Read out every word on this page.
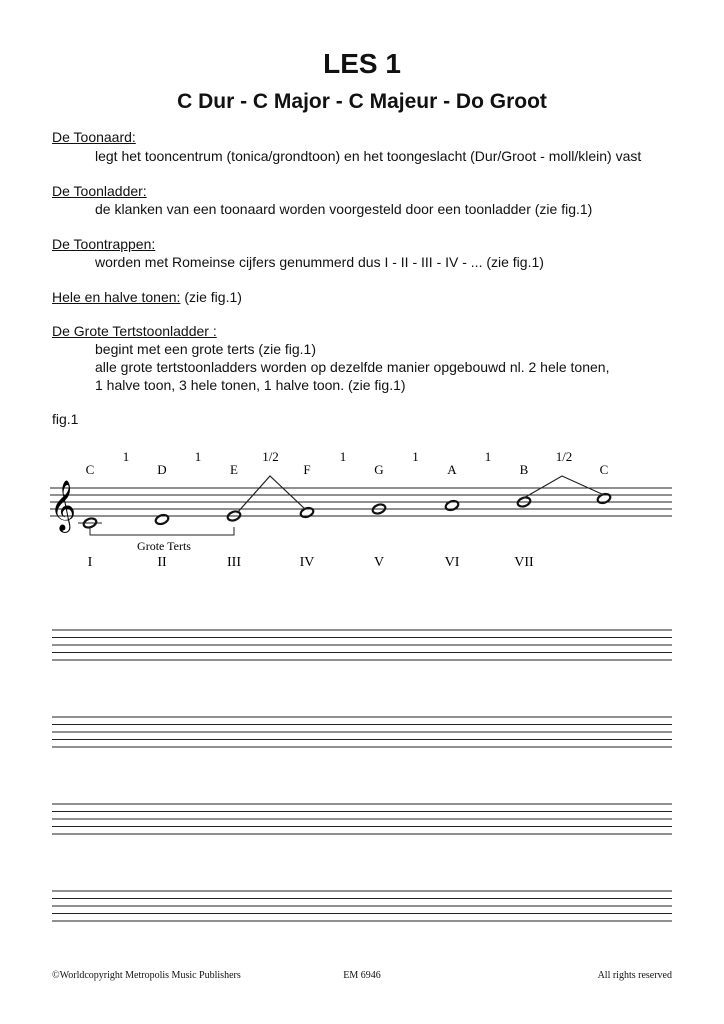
LES 1
C Dur - C Major - C Majeur - Do Groot
De Toonaard:
legt het tooncentrum (tonica/grondtoon) en het toongeslacht (Dur/Groot - moll/klein) vast
De Toonladder:
de klanken van een toonaard worden voorgesteld door een toonladder (zie fig.1)
De Toontrappen:
worden met Romeinse cijfers genummerd dus I - II - III - IV - ... (zie fig.1)
Hele en halve tonen: (zie fig.1)
De Grote Tertstoonladder :
begint met een grote terts (zie fig.1)
alle grote tertstoonladders worden op dezelfde manier opgebouwd nl. 2 hele tonen,
1 halve toon, 3 hele tonen, 1 halve toon. (zie fig.1)
fig.1
𝄞
C	D	E	F	G	A	B	C
I	II	III	IV	V	VI	VII
1	1	1/2	1	1	1	1/2
Grote Terts
©Worldcopyright Metropolis Music Publishers	EM 6946	All rights reserved
